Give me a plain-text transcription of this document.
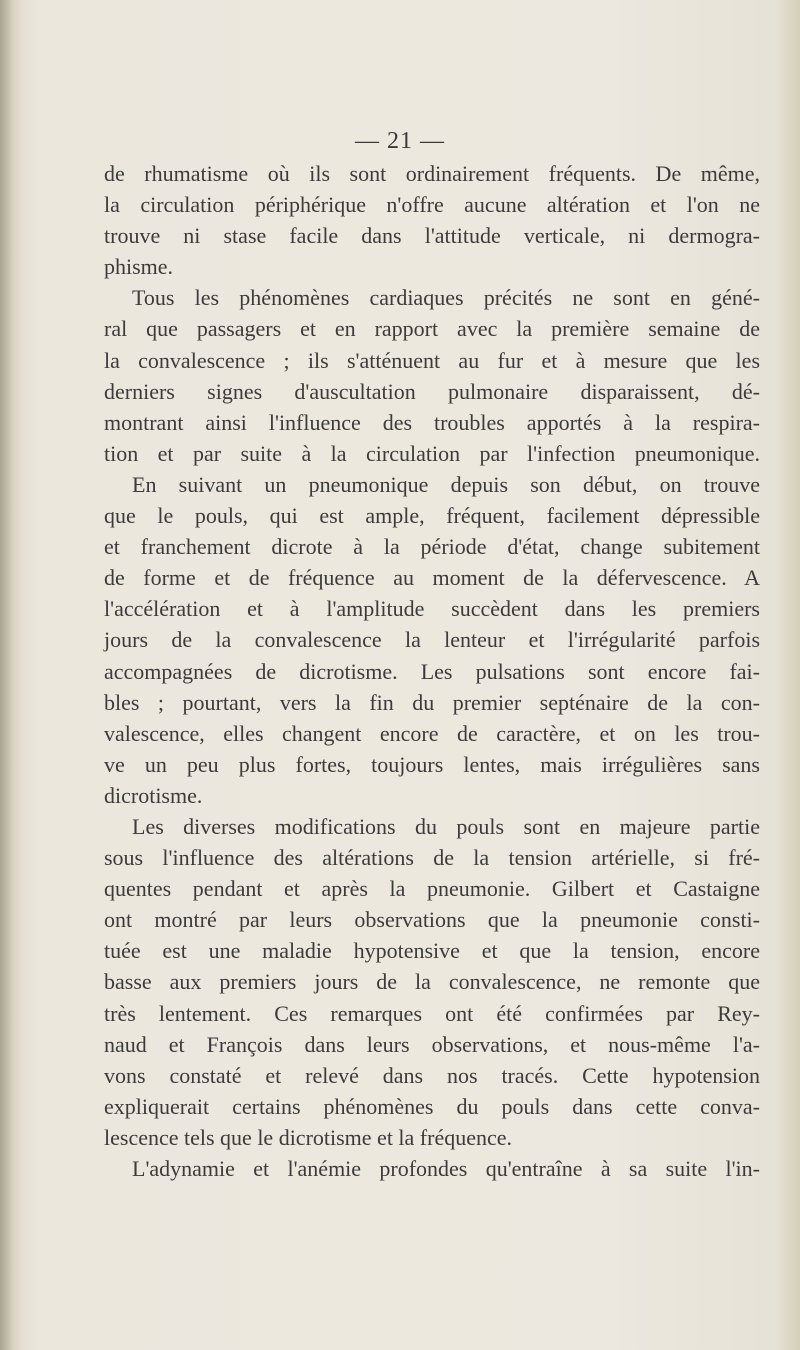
— 21 —
de rhumatisme où ils sont ordinairement fréquents. De même,
la circulation périphérique n'offre aucune altération et l'on ne
trouve ni stase facile dans l'attitude verticale, ni dermogra-
phisme.
Tous les phénomènes cardiaques précités ne sont en géné-
ral que passagers et en rapport avec la première semaine de
la convalescence ; ils s'atténuent au fur et à mesure que les
derniers signes d'auscultation pulmonaire disparaissent, dé-
montrant ainsi l'influence des troubles apportés à la respira-
tion et par suite à la circulation par l'infection pneumonique.
En suivant un pneumonique depuis son début, on trouve
que le pouls, qui est ample, fréquent, facilement dépressible
et franchement dicrote à la période d'état, change subitement
de forme et de fréquence au moment de la défervescence. A
l'accélération et à l'amplitude succèdent dans les premiers
jours de la convalescence la lenteur et l'irrégularité parfois
accompagnées de dicrotisme. Les pulsations sont encore fai-
bles ; pourtant, vers la fin du premier septénaire de la con-
valescence, elles changent encore de caractère, et on les trou-
ve un peu plus fortes, toujours lentes, mais irrégulières sans
dicrotisme.
Les diverses modifications du pouls sont en majeure partie
sous l'influence des altérations de la tension artérielle, si fré-
quentes pendant et après la pneumonie. Gilbert et Castaigne
ont montré par leurs observations que la pneumonie consti-
tuée est une maladie hypotensive et que la tension, encore
basse aux premiers jours de la convalescence, ne remonte que
très lentement. Ces remarques ont été confirmées par Rey-
naud et François dans leurs observations, et nous-même l'a-
vons constaté et relevé dans nos tracés. Cette hypotension
expliquerait certains phénomènes du pouls dans cette conva-
lescence tels que le dicrotisme et la fréquence.
L'adynamie et l'anémie profondes qu'entraîne à sa suite l'in-
